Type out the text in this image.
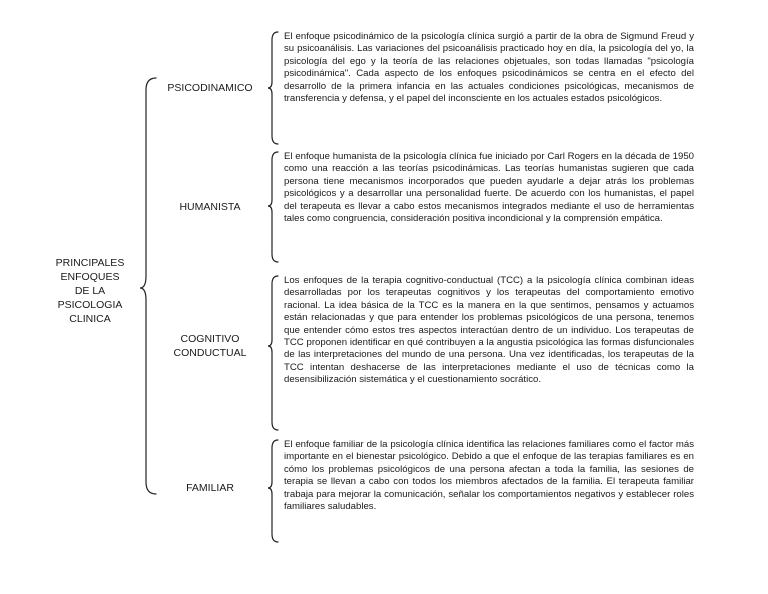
PRINCIPALES
ENFOQUES
DE LA
PSICOLOGIA
CLINICA
PSICODINAMICO
El enfoque psicodinámico de la psicología clínica surgió a partir de la obra de Sigmund Freud y su psicoanálisis. Las variaciones del psicoanálisis practicado hoy en día, la psicología del yo, la psicología del ego y la teoría de las relaciones objetuales, son todas llamadas "psicología psicodinámica". Cada aspecto de los enfoques psicodinámicos se centra en el efecto del desarrollo de la primera infancia en las actuales condiciones psicológicas, mecanismos de transferencia y defensa, y el papel del inconsciente en los actuales estados psicológicos.
HUMANISTA
El enfoque humanista de la psicología clínica fue iniciado por Carl Rogers en la década de 1950 como una reacción a las teorías psicodinámicas. Las teorías humanistas sugieren que cada persona tiene mecanismos incorporados que pueden ayudarle a dejar atrás los problemas psicológicos y a desarrollar una personalidad fuerte. De acuerdo con los humanistas, el papel del terapeuta es llevar a cabo estos mecanismos integrados mediante el uso de herramientas tales como congruencia, consideración positiva incondicional y la comprensión empática.
COGNITIVO
CONDUCTUAL
Los enfoques de la terapia cognitivo-conductual (TCC) a la psicología clínica combinan ideas desarrolladas por los terapeutas cognitivos y los terapeutas del comportamiento emotivo racional. La idea básica de la TCC es la manera en la que sentimos, pensamos y actuamos están relacionadas y que para entender los problemas psicológicos de una persona, tenemos que entender cómo estos tres aspectos interactúan dentro de un individuo. Los terapeutas de TCC proponen identificar en qué contribuyen a la angustia psicológica las formas disfuncionales de las interpretaciones del mundo de una persona. Una vez identificadas, los terapeutas de la TCC intentan deshacerse de las interpretaciones mediante el uso de técnicas como la desensibilización sistemática y el cuestionamiento socrático.
FAMILIAR
El enfoque familiar de la psicología clínica identifica las relaciones familiares como el factor más importante en el bienestar psicológico. Debido a que el enfoque de las terapias familiares es en cómo los problemas psicológicos de una persona afectan a toda la familia, las sesiones de terapia se llevan a cabo con todos los miembros afectados de la familia. El terapeuta familiar trabaja para mejorar la comunicación, señalar los comportamientos negativos y establecer roles familiares saludables.
